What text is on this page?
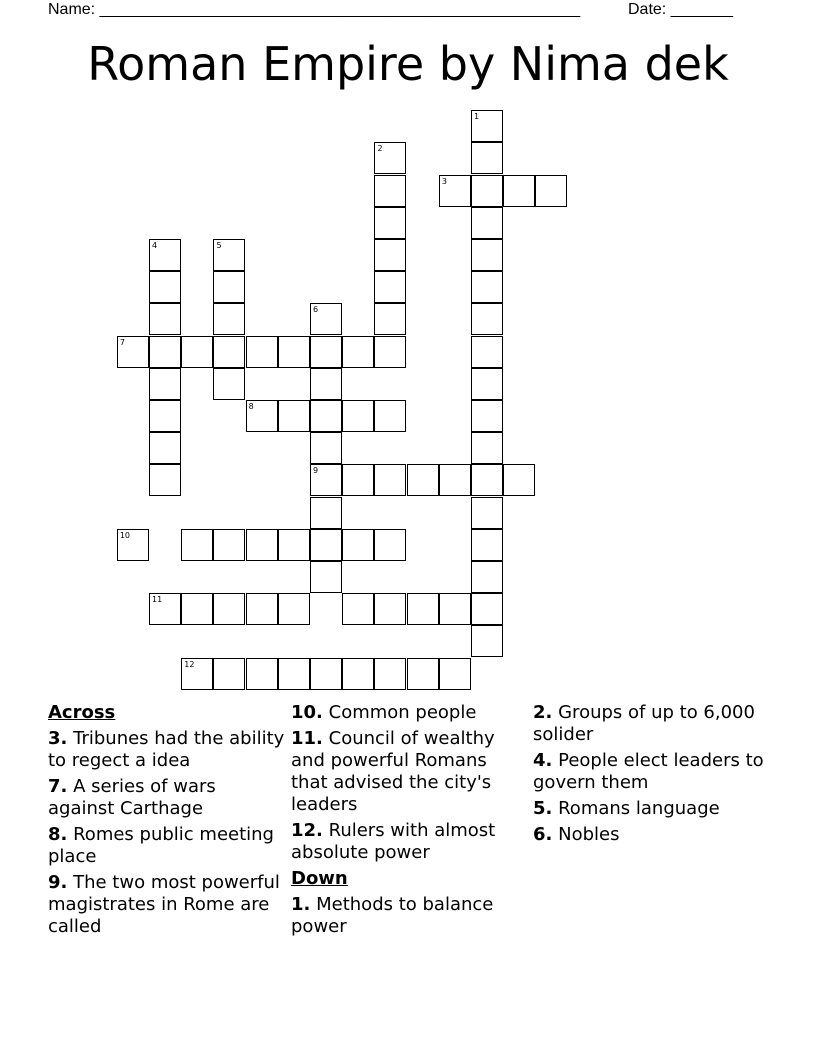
Name: ______________________________________________________	Date: _______
Roman Empire by Nima dek
1
2
3
4	5
6
9
7
8
10
11
12
Across
3. Tribunes had the ability to regect a idea
7. A series of wars against Carthage
8. Romes public meeting place
9. The two most powerful magistrates in Rome are called
10. Common people
11. Council of wealthy and powerful Romans that advised the city's leaders
12. Rulers with almost absolute power
Down
1. Methods to balance power
2. Groups of up to 6,000 solider
4. People elect leaders to govern them
5. Romans language
6. Nobles
